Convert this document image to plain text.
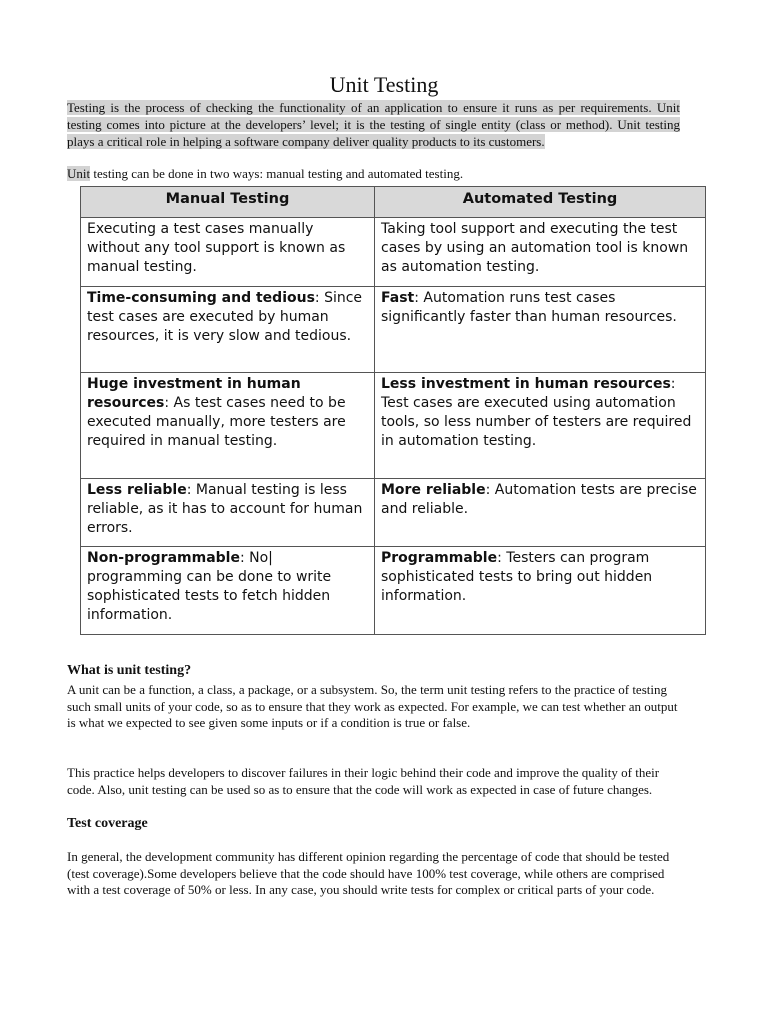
Unit Testing
Testing is the process of checking the functionality of an application to ensure it runs as per requirements. Unit testing comes into picture at the developers’ level; it is the testing of single entity (class or method). Unit testing plays a critical role in helping a software company deliver quality products to its customers.
Unit testing can be done in two ways: manual testing and automated testing.
Manual Testing	Automated Testing
Executing a test cases manually without any tool support is known as manual testing.	Taking tool support and executing the test cases by using an automation tool is known as automation testing.
Time-consuming and tedious: Since test cases are executed by human resources, it is very slow and tedious.	Fast: Automation runs test cases significantly faster than human resources.
Huge investment in human resources: As test cases need to be executed manually, more testers are required in manual testing.	Less investment in human resources: Test cases are executed using automation tools, so less number of testers are required in automation testing.
Less reliable: Manual testing is less reliable, as it has to account for human errors.	More reliable: Automation tests are precise and reliable.
Non-programmable: No| programming can be done to write sophisticated tests to fetch hidden information.	Programmable: Testers can program sophisticated tests to bring out hidden information.
What is unit testing?
A unit can be a function, a class, a package, or a subsystem. So, the term unit testing refers to the practice of testing such small units of your code, so as to ensure that they work as expected. For example, we can test whether an output is what we expected to see given some inputs or if a condition is true or false.
This practice helps developers to discover failures in their logic behind their code and improve the quality of their code. Also, unit testing can be used so as to ensure that the code will work as expected in case of future changes.
Test coverage
In general, the development community has different opinion regarding the percentage of code that should be tested (test coverage).Some developers believe that the code should have 100% test coverage, while others are comprised with a test coverage of 50% or less. In any case, you should write tests for complex or critical parts of your code.
